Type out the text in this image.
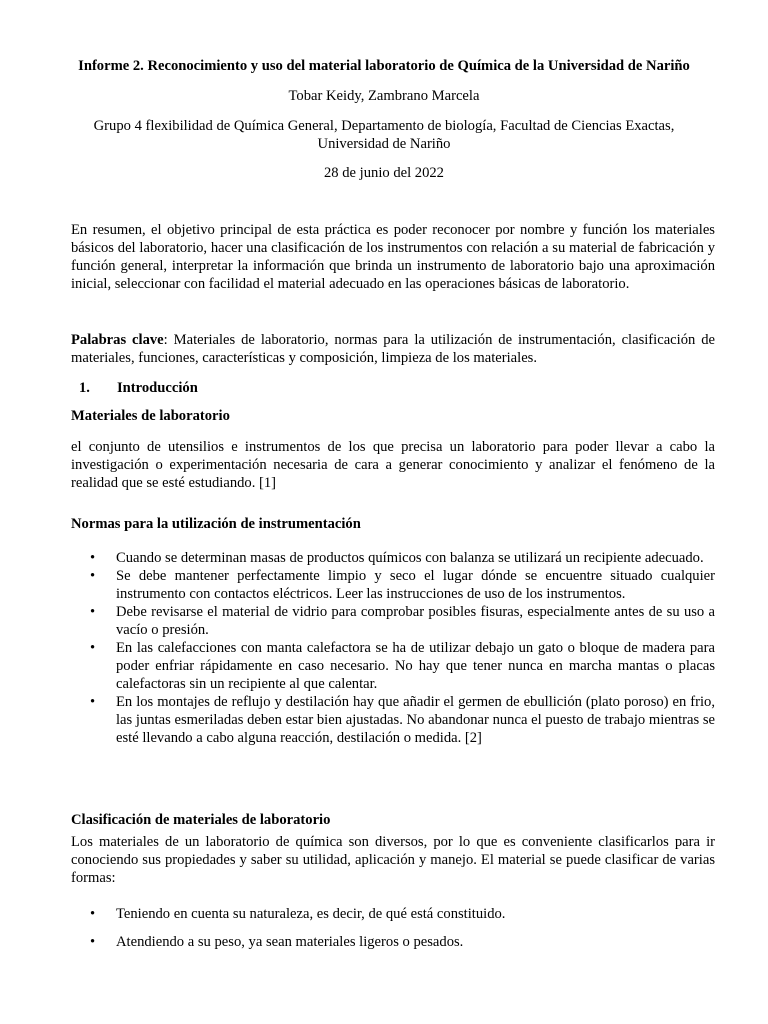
Informe 2. Reconocimiento y uso del material laboratorio de Química de la Universidad de Nariño
Tobar Keidy, Zambrano Marcela
Grupo 4 flexibilidad de Química General, Departamento de biología, Facultad de Ciencias Exactas,
Universidad de Nariño
28 de junio del 2022
En resumen, el objetivo principal de esta práctica es poder reconocer por nombre y función los materiales básicos del laboratorio, hacer una clasificación de los instrumentos con relación a su material de fabricación y función general, interpretar la información que brinda un instrumento de laboratorio bajo una aproximación inicial, seleccionar con facilidad el material adecuado en las operaciones básicas de laboratorio.
Palabras clave: Materiales de laboratorio, normas para la utilización de instrumentación, clasificación de materiales, funciones, características y composición, limpieza de los materiales.
1. Introducción
Materiales de laboratorio
el conjunto de utensilios e instrumentos de los que precisa un laboratorio para poder llevar a cabo la investigación o experimentación necesaria de cara a generar conocimiento y analizar el fenómeno de la realidad que se esté estudiando. [1]
Normas para la utilización de instrumentación
• Cuando se determinan masas de productos químicos con balanza se utilizará un recipiente adecuado.
• Se debe mantener perfectamente limpio y seco el lugar dónde se encuentre situado cualquier instrumento con contactos eléctricos. Leer las instrucciones de uso de los instrumentos.
• Debe revisarse el material de vidrio para comprobar posibles fisuras, especialmente antes de su uso a vacío o presión.
• En las calefacciones con manta calefactora se ha de utilizar debajo un gato o bloque de madera para poder enfriar rápidamente en caso necesario. No hay que tener nunca en marcha mantas o placas calefactoras sin un recipiente al que calentar.
• En los montajes de reflujo y destilación hay que añadir el germen de ebullición (plato poroso) en frio, las juntas esmeriladas deben estar bien ajustadas. No abandonar nunca el puesto de trabajo mientras se esté llevando a cabo alguna reacción, destilación o medida. [2]
Clasificación de materiales de laboratorio
Los materiales de un laboratorio de química son diversos, por lo que es conveniente clasificarlos para ir conociendo sus propiedades y saber su utilidad, aplicación y manejo. El material se puede clasificar de varias formas:
• Teniendo en cuenta su naturaleza, es decir, de qué está constituido.
• Atendiendo a su peso, ya sean materiales ligeros o pesados.
